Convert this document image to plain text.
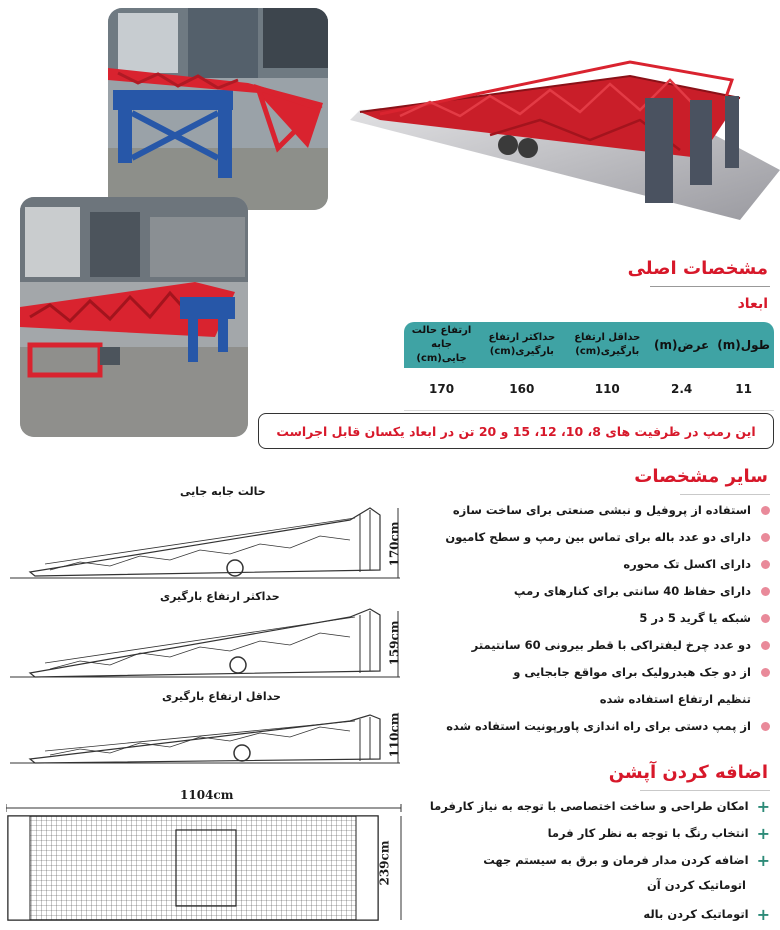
مشخصات اصلی
ابعاد
طول(m)	عرض(m)	حداقل ارتفاع بارگیری(cm)	حداکثر ارتفاع بارگیری(cm)	ارتفاع حالت جابه جایی(cm)
11	2.4	110	160	170
این رمپ در ظرفیت های 8، 10، 12، 15 و 20 تن در ابعاد یکسان قابل اجراست
سایر مشخصات
استفاده از پروفیل و نبشی صنعتی برای ساخت سازه
دارای دو عدد باله برای تماس بین رمپ و سطح کامیون
دارای اکسل تک محوره
دارای حفاظ 40 سانتی برای کنارهای رمپ
شبکه یا گرید 5 در 5
دو عدد چرخ لیفتراکی با قطر بیرونی 60 سانتیمتر
از دو جک هیدرولیک برای مواقع جابجایی و
تنظیم ارتفاع استفاده شده
از پمپ دستی برای راه اندازی پاورپونیت استفاده شده
اضافه کردن آپشن
+امکان طراحی و ساخت اختصاصی با توجه به نیاز کارفرما
+انتخاب رنگ با توجه به نظر کار فرما
+اضافه کردن مدار فرمان و برق به سیستم جهت
اتوماتیک کردن آن
+اتوماتیک کردن باله
حالت جابه جایی
170cm
حداکثر ارتفاع بارگیری
159cm
حداقل ارتفاع بارگیری
110cm
1104cm
239cm
